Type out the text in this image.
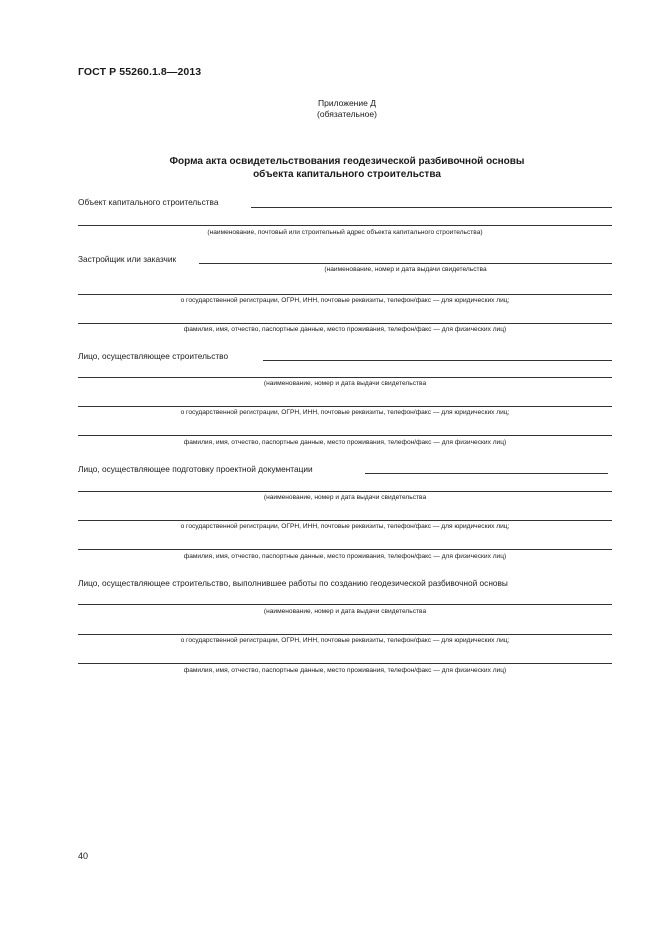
ГОСТ Р 55260.1.8—2013
Приложение Д
(обязательное)
Форма акта освидетельствования геодезической разбивочной основы
объекта капитального строительства
Объект капитального строительства
(наименование, почтовый или строительный адрес объекта капитального строительства)
Застройщик или заказчик
(наименование, номер и дата выдачи свидетельства
о государственной регистрации, ОГРН, ИНН, почтовые реквизиты, телефон/факс — для юридических лиц;
фамилия, имя, отчество, паспортные данные, место проживания, телефон/факс — для физических лиц)
Лицо, осуществляющее строительство
(наименование, номер и дата выдачи свидетельства
о государственной регистрации, ОГРН, ИНН, почтовые реквизиты, телефон/факс — для юридических лиц;
фамилия, имя, отчество, паспортные данные, место проживания, телефон/факс — для физических лиц)
Лицо, осуществляющее подготовку проектной документации
(наименование, номер и дата выдачи свидетельства
о государственной регистрации, ОГРН, ИНН, почтовые реквизиты, телефон/факс — для юридических лиц;
фамилия, имя, отчество, паспортные данные, место проживания, телефон/факс — для физических лиц)
Лицо, осуществляющее строительство, выполнившее работы по созданию геодезической разбивочной основы
(наименование, номер и дата выдачи свидетельства
о государственной регистрации, ОГРН, ИНН, почтовые реквизиты, телефон/факс — для юридических лиц;
фамилия, имя, отчество, паспортные данные, место проживания, телефон/факс — для физических лиц)
40
